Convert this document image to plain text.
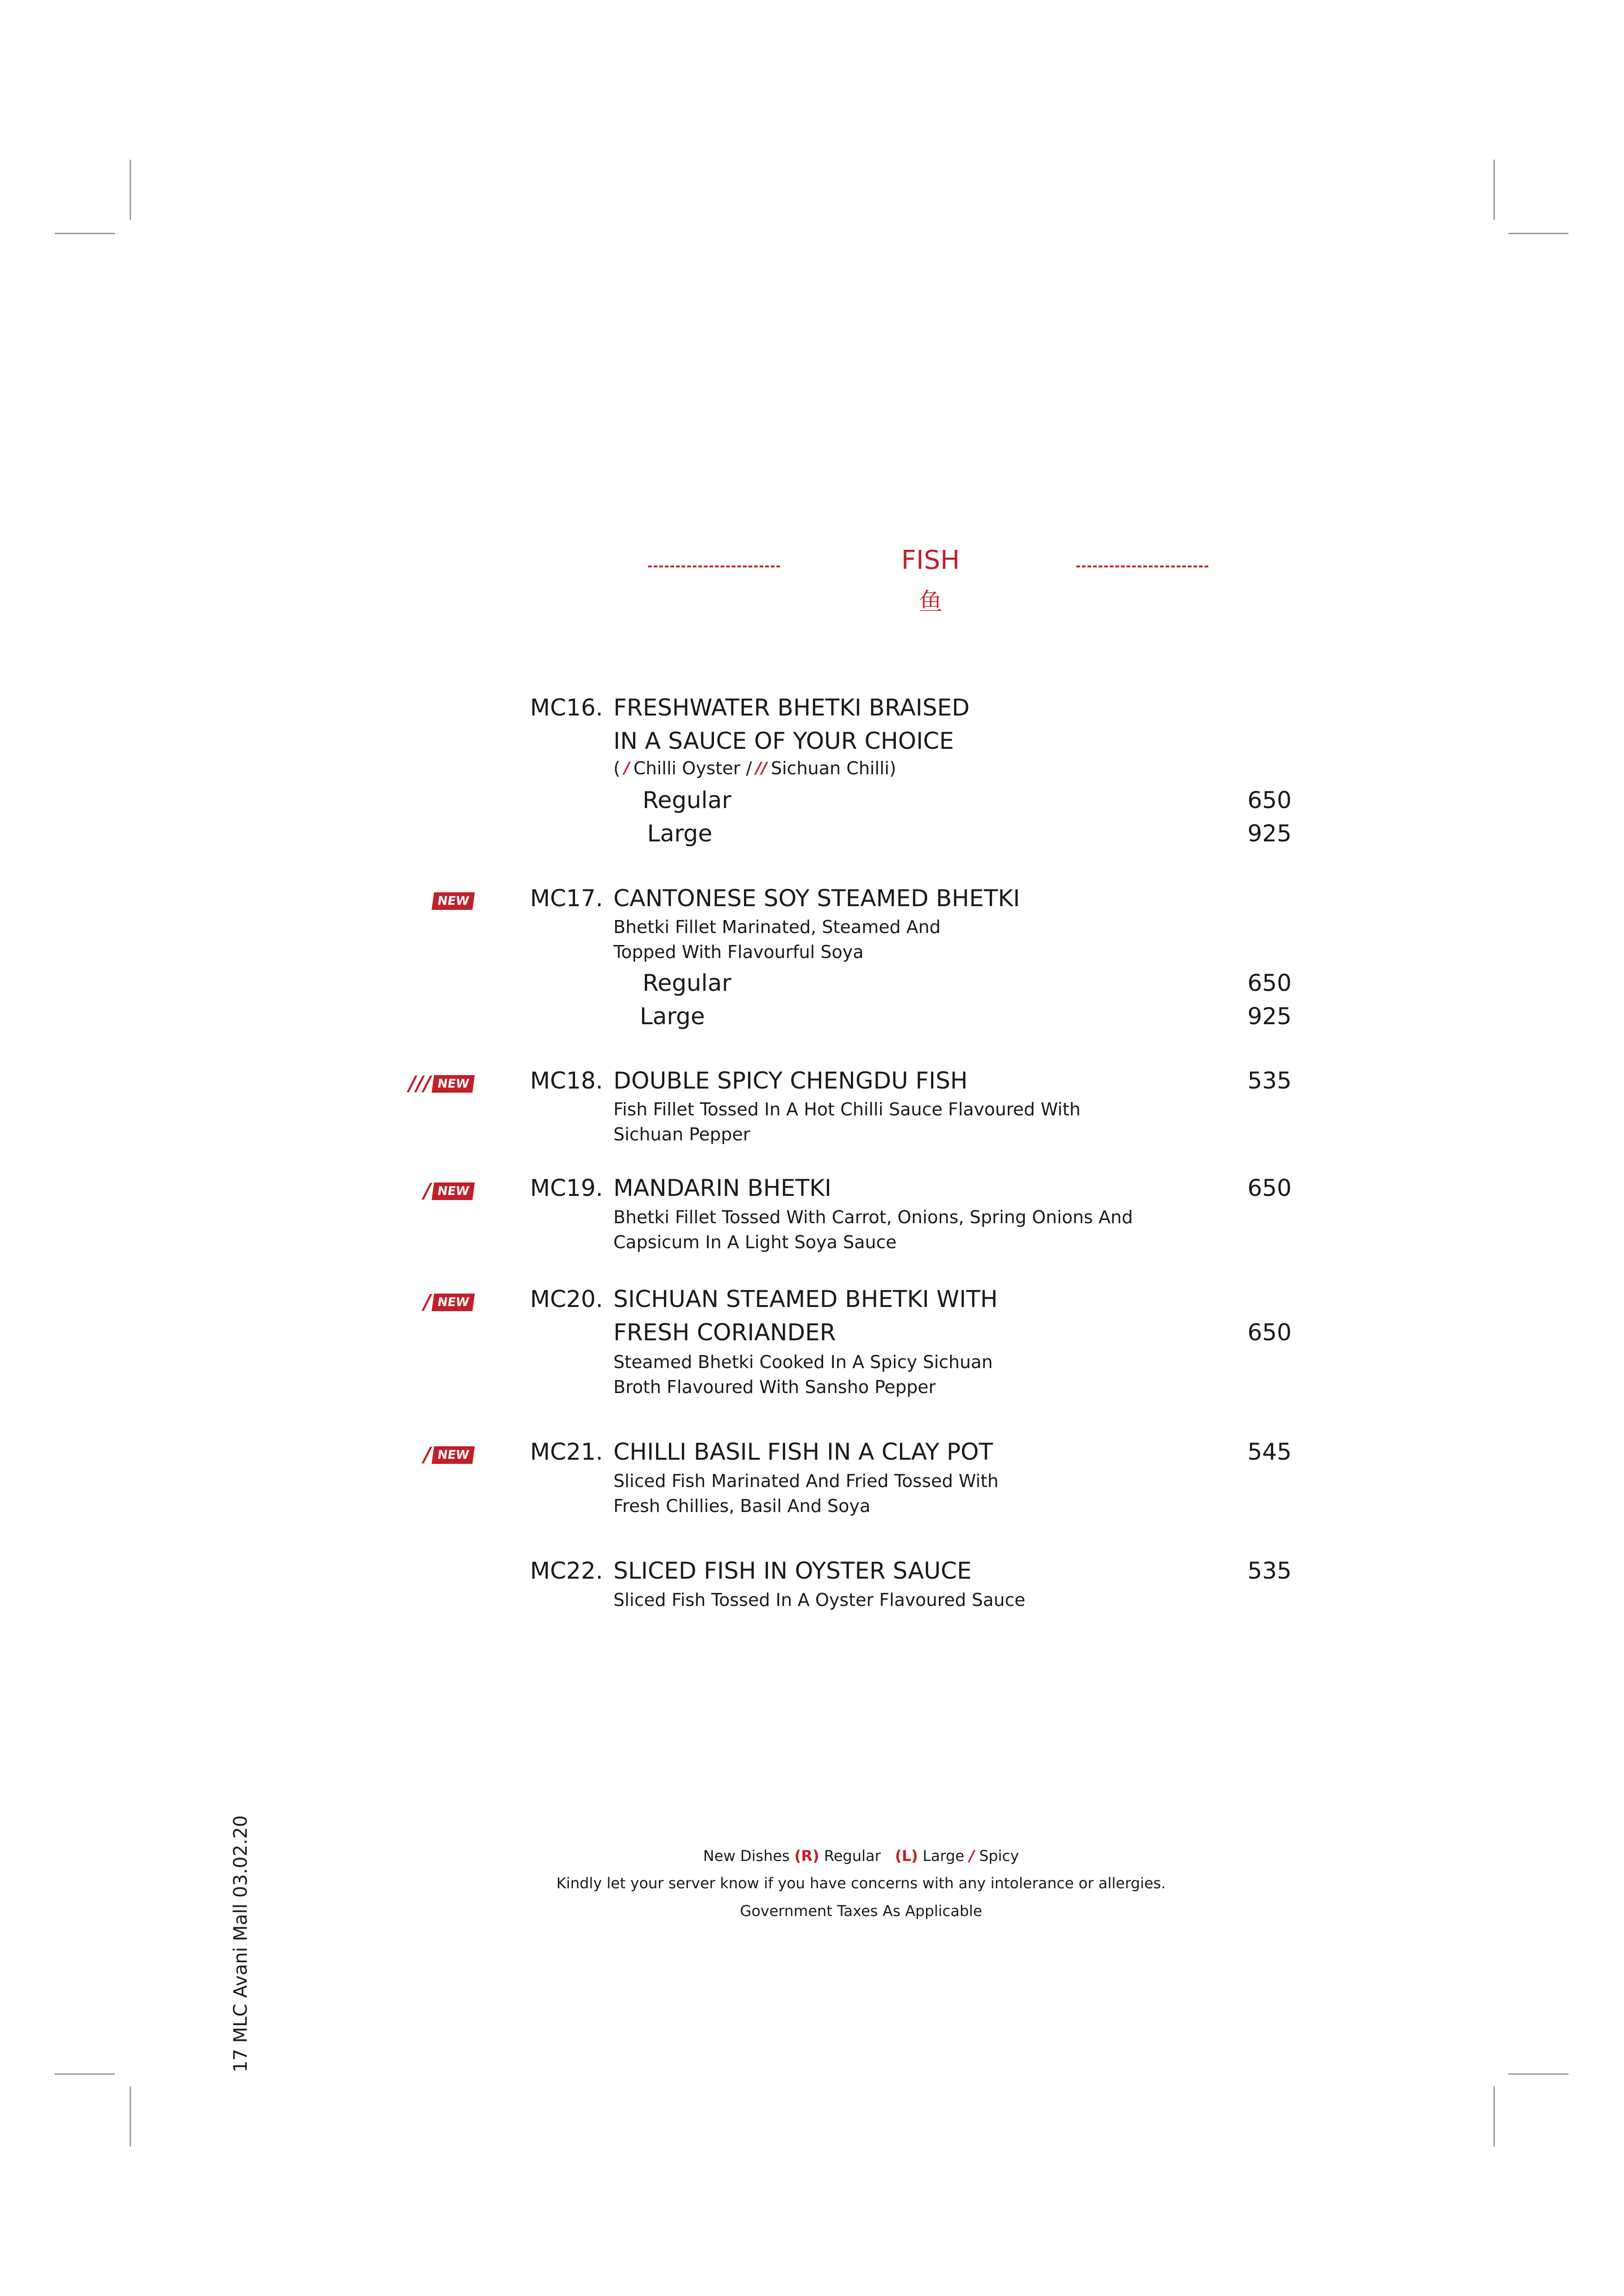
FISH
鱼
MC16. FRESHWATER BHETKI BRAISED
IN A SAUCE OF YOUR CHOICE
( / Chilli Oyster / // Sichuan Chilli)
Regular	650
Large	925
NEW	MC17. CANTONESE SOY STEAMED BHETKI
Bhetki Fillet Marinated, Steamed And
Topped With Flavourful Soya
Regular	650
Large	925
/// NEW	MC18. DOUBLE SPICY CHENGDU FISH	535
Fish Fillet Tossed In A Hot Chilli Sauce Flavoured With
Sichuan Pepper
/ NEW	MC19. MANDARIN BHETKI	650
Bhetki Fillet Tossed With Carrot, Onions, Spring Onions And
Capsicum In A Light Soya Sauce
/ NEW	MC20. SICHUAN STEAMED BHETKI WITH
FRESH CORIANDER	650
Steamed Bhetki Cooked In A Spicy Sichuan
Broth Flavoured With Sansho Pepper
/ NEW	MC21. CHILLI BASIL FISH IN A CLAY POT	545
Sliced Fish Marinated And Fried Tossed With
Fresh Chillies, Basil And Soya
MC22. SLICED FISH IN OYSTER SAUCE	535
Sliced Fish Tossed In A Oyster Flavoured Sauce
New Dishes (R) Regular (L) Large / Spicy
Kindly let your server know if you have concerns with any intolerance or allergies.
Government Taxes As Applicable
17 MLC Avani Mall 03.02.20
